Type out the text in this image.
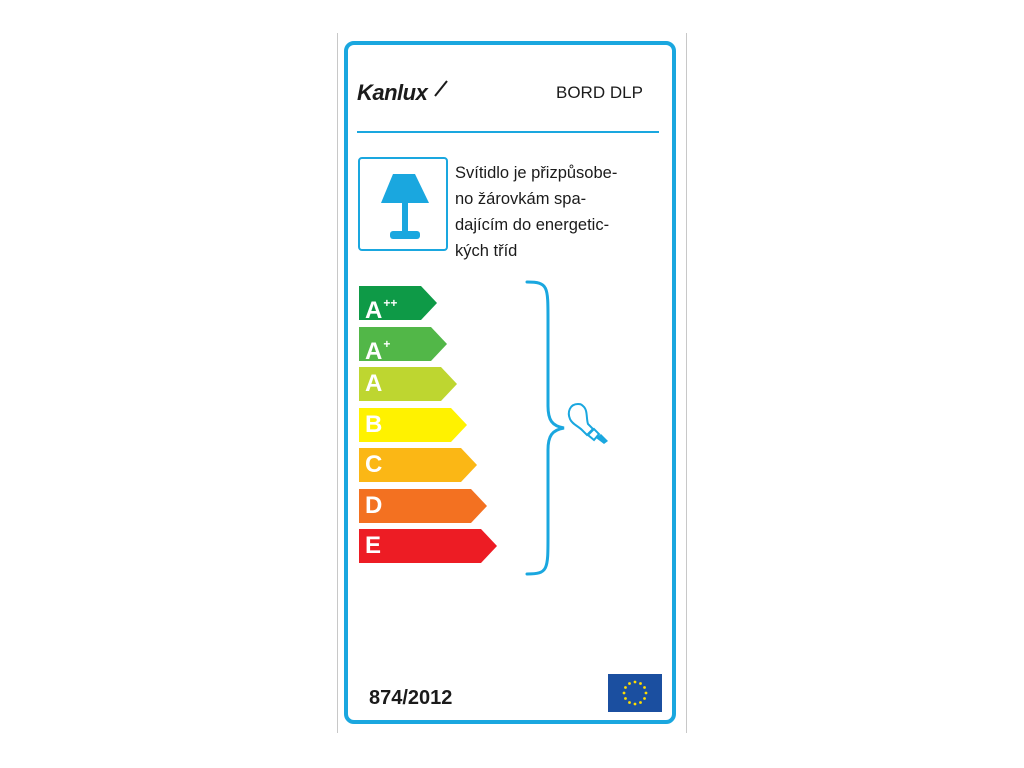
Kanlux	BORD DLP
Svítidlo je přizpůsobe-
no žárovkám spa-
dajícím do energetic-
kých tříd
A++
A+
A
B
C
D
E
874/2012
